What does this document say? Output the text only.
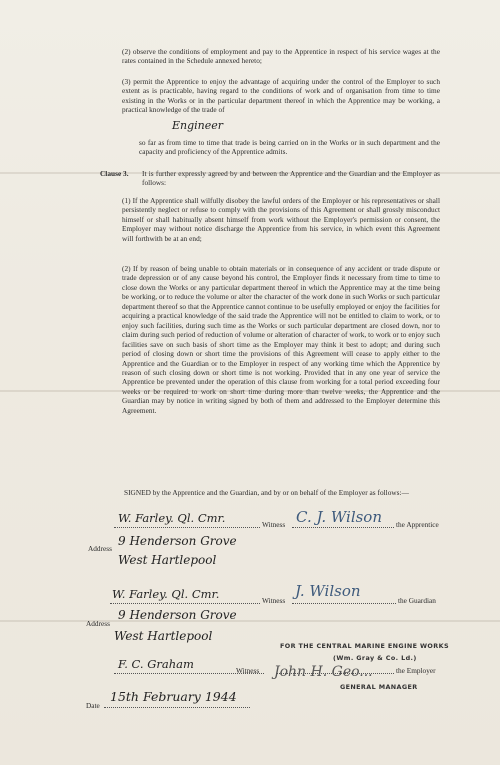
(2) observe the conditions of employment and pay to the Apprentice in respect of his service wages at the rates contained in the Schedule annexed hereto;

(3) permit the Apprentice to enjoy the advantage of acquiring under the control of the Employer to such extent as is practicable, having regard to the conditions of work and of organisation from time to time existing in the Works or in the particular department thereof in which the Apprentice may be working, a practical knowledge of the trade of

Engineer

so far as from time to time that trade is being carried on in the Works or in such department and the capacity and proficiency of the Apprentice admits.

Clause 3. It is further expressly agreed by and between the Apprentice and the Guardian and the Employer as follows:

(1) If the Apprentice shall wilfully disobey the lawful orders of the Employer or his representatives or shall persistently neglect or refuse to comply with the provisions of this Agreement or shall grossly misconduct himself or shall habitually absent himself from work without the Employer's permission or consent, the Employer may without notice discharge the Apprentice from his service, in which event this Agreement will forthwith be at an end;

(2) If by reason of being unable to obtain materials or in consequence of any accident or trade dispute or trade depression or of any cause beyond his control, the Employer finds it necessary from time to time to close down the Works or any particular department thereof in which the Apprentice may at the time being be working, or to reduce the volume or alter the character of the work done in such Works or such particular department thereof so that the Apprentice cannot continue to be usefully employed or enjoy the facilities for acquiring a practical knowledge of the said trade the Apprentice will not be entitled to claim to work, or to enjoy such facilities, during such time as the Works or such particular department are closed down, nor to claim during such period of reduction of volume or alteration of character of work, to work or to enjoy such facilities save on such basis of short time as the Employer may think it best to adopt; and during such period of closing down or short time the provisions of this Agreement will cease to apply either to the Apprentice and the Guardian or to the Employer in respect of any working time which the Apprentice by reason of such closing down or short time is not working. Provided that in any one year of service the Apprentice be prevented under the operation of this clause from working for a total period exceeding four weeks or be required to work on short time during more than twelve weeks, the Apprentice and the Guardian may by notice in writing signed by both of them and addressed to the Employer determine this Agreement.

SIGNED by the Apprentice and the Guardian, and by or on behalf of the Employer as follows:—

W. Farley. Ql. Cmr.	Witness C. J. Wilson the Apprentice
Address
9 Henderson Grove
West Hartlepool
W. Farley. Ql. Cmr.	Witness
J. Wilson
the Guardian
Address
9 Henderson Grove
West Hartlepool
F. C. Graham	Witness
FOR THE CENTRAL MARINE ENGINE WORKS
(Wm. Gray & Co. Ld.)
John H. Geo...	the Employer
GENERAL MANAGER
Date
15th February 1944
